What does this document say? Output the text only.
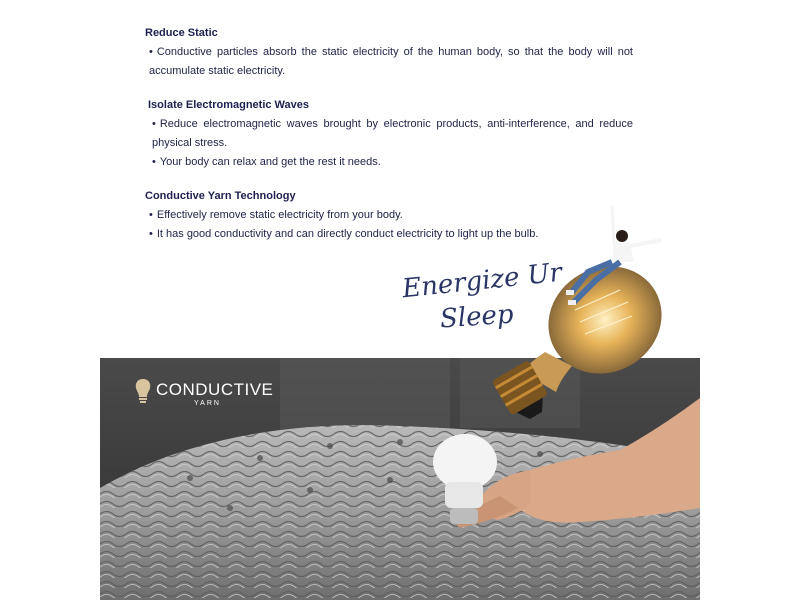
Reduce Static

• Conductive particles absorb the static electricity of the human body, so that the body will not accumulate static electricity.

Isolate Electromagnetic Waves

• Reduce electromagnetic waves brought by electronic products, anti-interference, and reduce physical stress.

• Your body can relax and get the rest it needs.

Conductive Yarn Technology

• Effectively remove static electricity from your body.

• It has good conductivity and can directly conduct electricity to light up the bulb.

CONDUCTIVE
YARN
Energize Ur
Sleep
